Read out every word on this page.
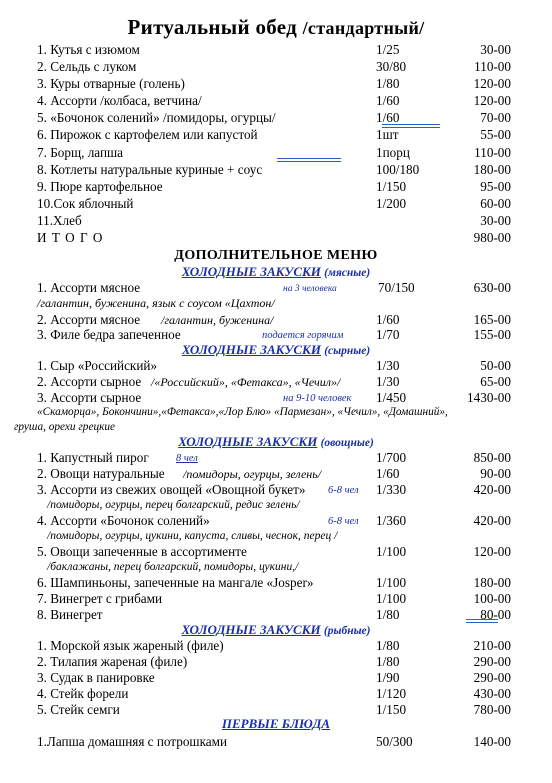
Ритуальный обед /стандартный/
1. Кутья с изюмом	1/25	30-00
2. Сельдь с луком	30/80	110-00
3. Куры отварные (голень)	1/80	120-00
4. Ассорти /колбаса, ветчина/	1/60	120-00
5. «Бочонок солений» /помидоры, огурцы/	1/60	70-00
6. Пирожок с картофелем или капустой	1шт	55-00
7. Борщ, лапша	1порц	110-00
8. Котлеты натуральные куриные + соус	100/180	180-00
9. Пюре картофельное	1/150	95-00
10.Сок яблочный	1/200	60-00
11.Хлеб	30-00
И Т О Г О	980-00
ДОПОЛНИТЕЛЬНОЕ МЕНЮ
ХОЛОДНЫЕ ЗАКУСКИ (мясные)
1. Ассорти мясное	на 3 человека	70/150	630-00
/галантин, буженина, язык с соусом «Цахтон/
2. Ассорти мясное /галантин, буженина/	1/60	165-00
3. Филе бедра запеченное	подается горячим 1/70	155-00
ХОЛОДНЫЕ ЗАКУСКИ (сырные)
1. Сыр «Российский»	1/30	50-00
2. Ассорти сырное /«Российский», «Фетакса», «Чечил»/	1/30	65-00
3. Ассорти сырное	на 9-10 человек 1/450	1430-00
«Скаморца», Бокончини»,«Фетакса»,«Лор Блю» «Пармезан», «Чечил», «Домашний»,
груша, орехи грецкие
ХОЛОДНЫЕ ЗАКУСКИ (овощные)
1. Капустный пирог	8 чел	1/700	850-00
2. Овощи натуральные /помидоры, огурцы, зелень/	1/60	90-00
3. Ассорти из свежих овощей «Овощной букет» 6-8 чел 1/330	420-00
/помидоры, огурцы, перец болгарский, редис зелень/
4. Ассорти «Бочонок солений»	6-8 чел 1/360	420-00
/помидоры, огурцы, цукини, капуста, сливы, чеснок, перец /
5. Овощи запеченные в ассортименте	1/100	120-00
/баклажаны, перец болгарский, помидоры, цукини,/
6. Шампиньоны, запеченные на мангале «Josper»	1/100	180-00
7. Винегрет с грибами	1/100	100-00
8. Винегрет	1/80	80-00
ХОЛОДНЫЕ ЗАКУСКИ (рыбные)
1. Морской язык жареный (филе)	1/80	210-00
2. Тилапия жареная (филе)	1/80	290-00
3. Судак в панировке	1/90	290-00
4. Стейк форели	1/120	430-00
5. Стейк семги	1/150	780-00
ПЕРВЫЕ БЛЮДА
1.Лапша домашняя с потрошками	50/300	140-00
